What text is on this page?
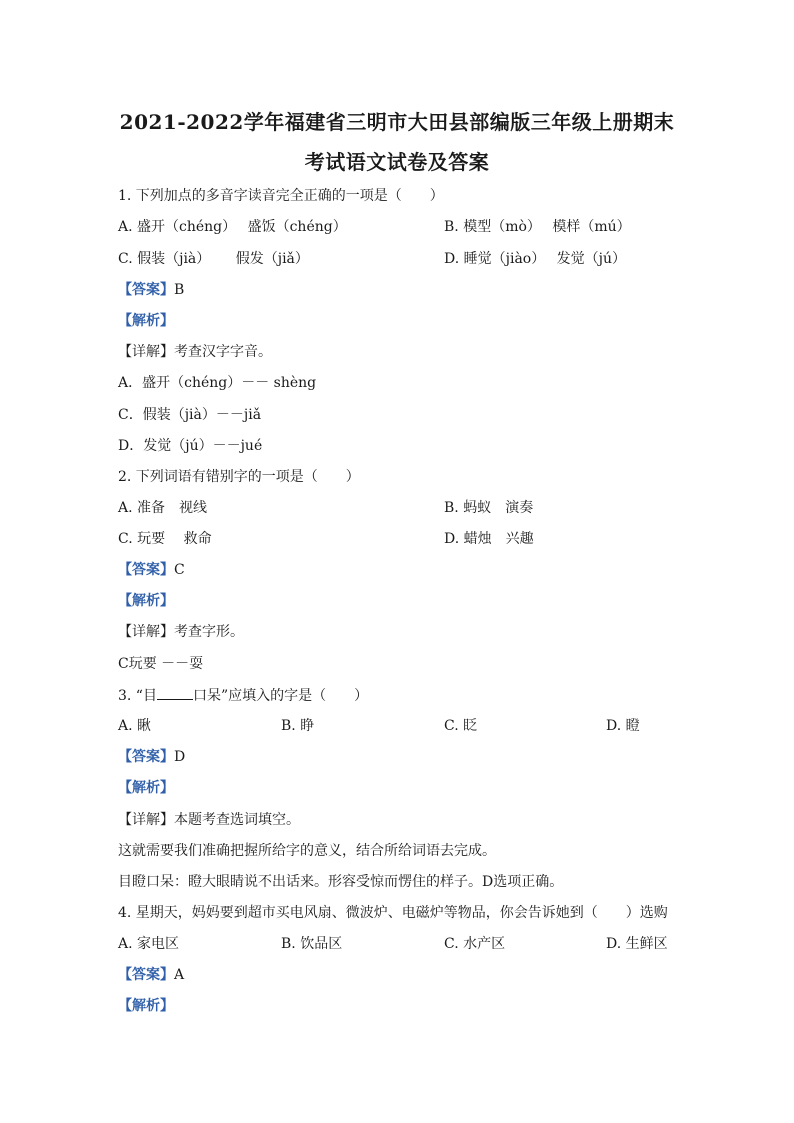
2021-2022学年福建省三明市大田县部编版三年级上册期末
考试语文试卷及答案
1. 下列加点的多音字读音完全正确的一项是（　　）
A. 盛开（chéng）　 盛饭（chéng）	B. 模型（mò）　 模样（mú）
C. 假装（jià）　　 假发（jiǎ）	D. 睡觉（jiào）　 发觉（jú）
【答案】B
【解析】
【详解】考查汉字字音。
A．盛开（chéng）－－ shèng
C．假装（jià）－－jiǎ
D．发觉（jú）－－jué
2. 下列词语有错别字的一项是（　　）
A. 准备　视线	B. 蚂蚁　演奏
C. 玩要　 救命	D. 蜡烛　兴趣
【答案】C
【解析】
【详解】考查字形。
C玩要 －－耍
3. “目	口呆”应填入的字是（　　）
A. 瞅	B. 睁	C. 眨	D. 瞪
【答案】D
【解析】
【详解】本题考查选词填空。
这就需要我们准确把握所给字的意义，结合所给词语去完成。
目瞪口呆：瞪大眼睛说不出话来。形容受惊而愣住的样子。D选项正确。
4. 星期天，妈妈要到超市买电风扇、微波炉、电磁炉等物品，你会告诉她到（　　）选购
A. 家电区	B. 饮品区	C. 水产区	D. 生鲜区
【答案】A
【解析】
